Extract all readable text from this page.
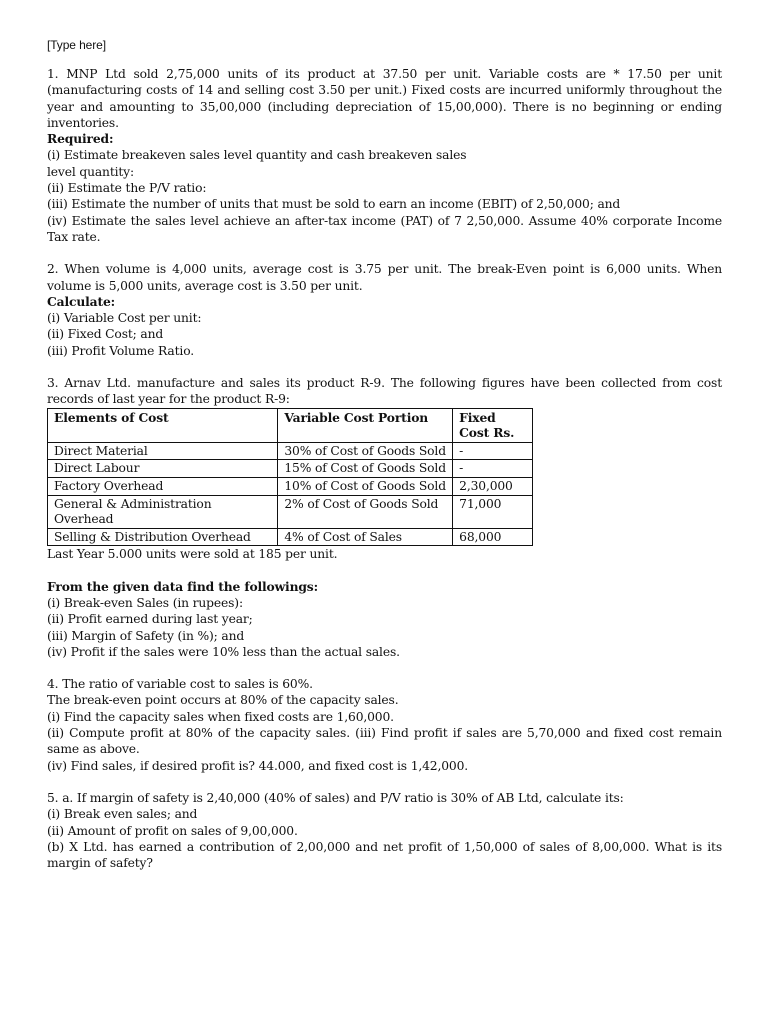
[Type here]

1. MNP Ltd sold 2,75,000 units of its product at 37.50 per unit. Variable costs are * 17.50 per unit (manufacturing costs of 14 and selling cost 3.50 per unit.) Fixed costs are incurred uniformly throughout the year and amounting to 35,00,000 (including depreciation of 15,00,000). There is no beginning or ending inventories.

Required:

(i) Estimate breakeven sales level quantity and cash breakeven sales

level quantity:

(ii) Estimate the P/V ratio:

(iii) Estimate the number of units that must be sold to earn an income (EBIT) of 2,50,000; and

(iv) Estimate the sales level achieve an after-tax income (PAT) of 7 2,50,000. Assume 40% corporate Income Tax rate.

2. When volume is 4,000 units, average cost is 3.75 per unit. The break-Even point is 6,000 units. When volume is 5,000 units, average cost is 3.50 per unit.

Calculate:

(i) Variable Cost per unit:

(ii) Fixed Cost; and

(iii) Profit Volume Ratio.

3. Arnav Ltd. manufacture and sales its product R-9. The following figures have been collected from cost records of last year for the product R-9:

Elements of Cost	Variable Cost Portion	Fixed Cost Rs.
Direct Material	30% of Cost of Goods Sold	-
Direct Labour	15% of Cost of Goods Sold	-
Factory Overhead	10% of Cost of Goods Sold	2,30,000
General & Administration Overhead	2% of Cost of Goods Sold	71,000
Selling & Distribution Overhead	4% of Cost of Sales	68,000

Last Year 5.000 units were sold at 185 per unit.

From the given data find the followings:

(i) Break-even Sales (in rupees):

(ii) Profit earned during last year;

(iii) Margin of Safety (in %); and

(iv) Profit if the sales were 10% less than the actual sales.

4. The ratio of variable cost to sales is 60%.

The break-even point occurs at 80% of the capacity sales.

(i) Find the capacity sales when fixed costs are 1,60,000.

(ii) Compute profit at 80% of the capacity sales. (iii) Find profit if sales are 5,70,000 and fixed cost remain same as above.

(iv) Find sales, if desired profit is? 44.000, and fixed cost is 1,42,000.

5. a. If margin of safety is 2,40,000 (40% of sales) and P/V ratio is 30% of AB Ltd, calculate its:

(i) Break even sales; and

(ii) Amount of profit on sales of 9,00,000.

(b) X Ltd. has earned a contribution of 2,00,000 and net profit of 1,50,000 of sales of 8,00,000. What is its margin of safety?
